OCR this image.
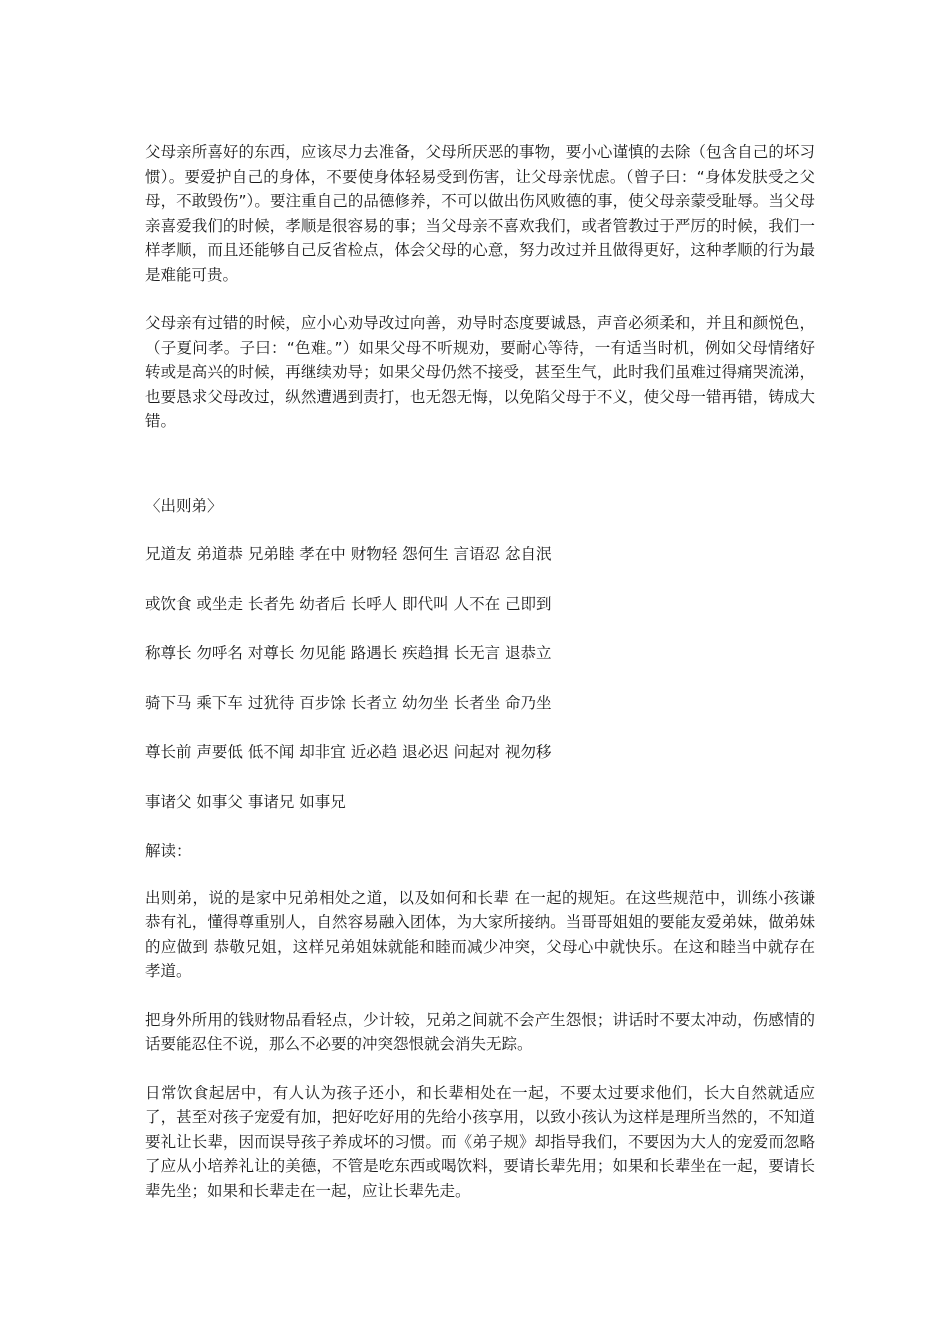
父母亲所喜好的东西，应该尽力去准备，父母所厌恶的事物，要小心谨慎的去除（包含自己的坏习惯）。要爱护自己的身体，不要使身体轻易受到伤害，让父母亲忧虑。（曾子曰：“身体发肤受之父母，不敢毁伤”）。要注重自己的品德修养，不可以做出伤风败德的事，使父母亲蒙受耻辱。当父母亲喜爱我们的时候，孝顺是很容易的事；当父母亲不喜欢我们，或者管教过于严厉的时候，我们一样孝顺，而且还能够自己反省检点，体会父母的心意，努力改过并且做得更好，这种孝顺的行为最是难能可贵。

父母亲有过错的时候，应小心劝导改过向善，劝导时态度要诚恳，声音必须柔和，并且和颜悦色，（子夏问孝。子曰：“色难。”）如果父母不听规劝，要耐心等待，一有适当时机，例如父母情绪好转或是高兴的时候，再继续劝导；如果父母仍然不接受，甚至生气，此时我们虽难过得痛哭流涕，也要恳求父母改过，纵然遭遇到责打，也无怨无悔，以免陷父母于不义，使父母一错再错，铸成大错。

〈出则弟〉

兄道友 弟道恭 兄弟睦 孝在中 财物轻 怨何生 言语忍 忿自泯

或饮食 或坐走 长者先 幼者后 长呼人 即代叫 人不在 己即到

称尊长 勿呼名 对尊长 勿见能 路遇长 疾趋揖 长无言 退恭立

骑下马 乘下车 过犹待 百步馀 长者立 幼勿坐 长者坐 命乃坐

尊长前 声要低 低不闻 却非宜 近必趋 退必迟 问起对 视勿移

事诸父 如事父 事诸兄 如事兄

解读：

出则弟，说的是家中兄弟相处之道，以及如何和长辈 在一起的规矩。在这些规范中，训练小孩谦恭有礼，懂得尊重别人，自然容易融入团体，为大家所接纳。当哥哥姐姐的要能友爱弟妹，做弟妹的应做到 恭敬兄姐，这样兄弟姐妹就能和睦而减少冲突，父母心中就快乐。在这和睦当中就存在孝道。

把身外所用的钱财物品看轻点，少计较，兄弟之间就不会产生怨恨；讲话时不要太冲动，伤感情的话要能忍住不说，那么不必要的冲突怨恨就会消失无踪。

日常饮食起居中，有人认为孩子还小，和长辈相处在一起，不要太过要求他们，长大自然就适应了，甚至对孩子宠爱有加，把好吃好用的先给小孩享用，以致小孩认为这样是理所当然的，不知道要礼让长辈，因而误导孩子养成坏的习惯。而《弟子规》却指导我们，不要因为大人的宠爱而忽略了应从小培养礼让的美德，不管是吃东西或喝饮料，要请长辈先用；如果和长辈坐在一起，要请长辈先坐；如果和长辈走在一起，应让长辈先走。
